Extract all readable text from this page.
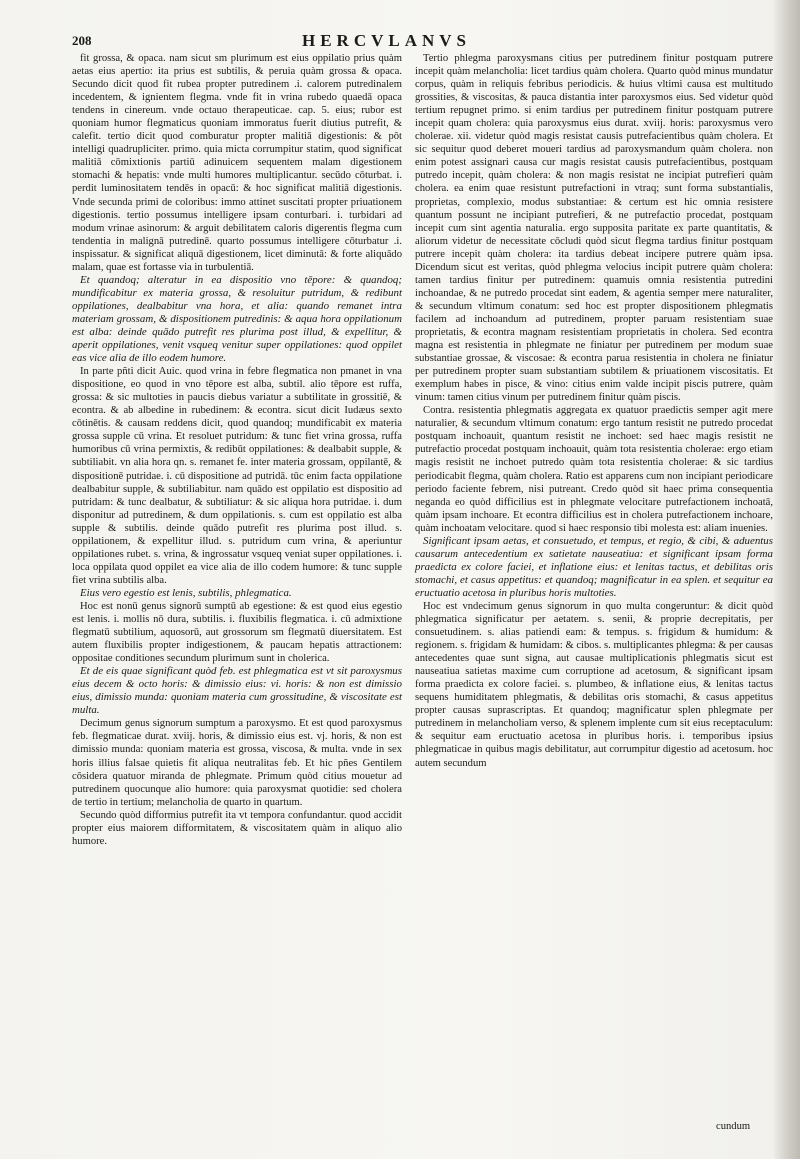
208	HERCVLANVS

fit grossa, & opaca. nam sicut sm plurimum est eius oppilatio prius quàm aetas eius apertio: ita prius est subtilis, & peruia quàm grossa & opaca. Secundo dicit quod fit rubea propter putredinem .i. calorem putredinalem incedentem, & ignientem flegma. vnde fit in vrina rubedo quaedā opaca tendens in cinereum. vnde octauo therapeuticae. cap. 5. eius; rubor est quoniam humor flegmaticus quoniam immoratus fuerit diutius putrefit, & calefit. tertio dicit quod comburatur propter malitiā digestionis: & pôt intelligi quadrupliciter. primo. quia micta corrumpitur statim, quod significat malitiā cōmixtionis partiū adinuicem sequentem malam digestionem stomachi & hepatis: vnde multi humores multiplicantur. secūdo cōturbat. i. perdit luminositatem tendēs in opacū: & hoc significat malitiā digestionis. Vnde secunda primi de coloribus: immo attinet suscitati propter priuationem digestionis. tertio possumus intelligere ipsam conturbari. i. turbidari ad modum vrinae asinorum: & arguit debilitatem caloris digerentis flegma cum tendentia in malignā putredinē. quarto possumus intelligere cōturbatur .i. inspissatur. & significat aliquā digestionem, licet diminutā: & forte aliquādo malam, quae est fortasse via in turbulentiā.

Et quandoq; alteratur in ea dispositio vno tēpore: & quandoq; mundificabitur ex materia grossa, & resoluitur putridum, & redibunt oppilationes, dealbabitur vna hora, et alia: quando remanet intra materiam grossam, & dispositionem putredinis: & aqua hora oppilationum est alba: deinde quādo putrefit res plurima post illud, & expellitur, & aperit oppilationes, venit vsqueq venitur super oppilationes: quod oppilet eas vice alia de illo eodem humore.

In parte pñti dicit Auic. quod vrina in febre flegmatica non pmanet in vna dispositione, eo quod in vno tēpore est alba, subtil. alio tēpore est ruffa, grossa: & sic multoties in paucis diebus variatur a subtilitate in grossitiē, & econtra. & ab albedine in rubedinem: & econtra. sicut dicit Iudæus sexto cōtinētis. & causam reddens dicit, quod quandoq; mundificabit ex materia grossa supple cū vrina. Et resoluet putridum: & tunc fiet vrina grossa, ruffa humoribus cū vrina permixtis, & redibūt oppilationes: & dealbabit supple, & subtiliabit. vn alia hora qn. s. remanet fe. inter materia grossam, oppilantē, & dispositionē putridae. i. cū dispositione ad putridā. tūc enim facta oppilatione dealbabitur supple, & subtiliabitur. nam quādo est oppilatio est dispositio ad putridam: & tunc dealbatur, & subtiliatur: & sic aliqua hora putridae. i. dum disponitur ad putredinem, & dum oppilationis. s. cum est oppilatio est alba supple & subtilis. deinde quādo putrefit res plurima post illud. s. oppilationem, & expellitur illud. s. putridum cum vrina, & aperiuntur oppilationes rubet. s. vrina, & ingrossatur vsqueq veniat super oppilationes. i. loca oppilata quod oppilet ea vice alia de illo codem humore: & tunc supple fiet vrina subtilis alba.

Eius vero egestio est lenis, subtilis, phlegmatica.

Hoc est nonū genus signorū sumptū ab egestione: & est quod eius egestio est lenis. i. mollis nō dura, subtilis. i. fluxibilis flegmatica. i. cū admixtione flegmatū subtilium, aquosorū, aut grossorum sm flegmatū diuersitatem. Est autem fluxibilis propter indigestionem, & paucam hepatis attractionem: oppositae conditiones secundum plurimum sunt in cholerica.

Et de eis quae significant quòd feb. est phlegmatica est vt sit paroxysmus eius decem & octo horis: & dimissio eius: vi. horis: & non est dimissio eius, dimissio munda: quoniam materia cum grossitudine, & viscositate est multa.

Decimum genus signorum sumptum a paroxysmo. Et est quod paroxysmus feb. flegmaticae durat. xviij. horis, & dimissio eius est. vj. horis, & non est dimissio munda: quoniam materia est grossa, viscosa, & multa. vnde in sex horis illius falsae quietis fit aliqua neutralitas feb. Et hic pñes Gentilem cōsidera quatuor miranda de phlegmate. Primum quòd citius mouetur ad putredinem quocunque alio humore: quia paroxysmat quotidie: sed cholera de tertio in tertium; melancholia de quarto in quartum.

Secundo quòd difformius putrefit ita vt tempora confundantur. quod accidit propter eius maiorem difformitatem, & viscositatem quàm in aliquo alio humore.

Tertio phlegma paroxysmans citius per putredinem finitur postquam putrere incepit quàm melancholia: licet tardius quàm cholera. Quarto quòd minus mundatur corpus, quàm in reliquis febribus periodicis. & huius vltimi causa est multitudo grossities, & viscositas, & pauca distantia inter paroxysmos eius. Sed videtur quòd tertium repugnet primo. si enim tardius per putredinem finitur postquam putrere incepit quam cholera: quia paroxysmus eius durat. xviij. horis: paroxysmus vero cholerae. xii. videtur quòd magis resistat causis putrefacientibus quàm cholera. Et sic sequitur quod deberet moueri tardius ad paroxysmandum quàm cholera. non enim potest assignari causa cur magis resistat causis putrefacientibus, postquam putredo incepit, quàm cholera: & non magis resistat ne incipiat putrefieri quàm cholera. ea enim quae resistunt putrefactioni in vtraq; sunt forma substantialis, proprietas, complexio, modus substantiae: & certum est hic omnia resistere quantum possunt ne incipiant putrefieri, & ne putrefactio procedat, postquam incepit cum sint agentia naturalia. ergo supposita paritate ex parte quantitatis, & aliorum videtur de necessitate cōcludi quòd sicut flegma tardius finitur postquam putrere incepit quàm cholera: ita tardius debeat incipere putrere quàm ipsa. Dicendum sicut est veritas, quòd phlegma velocius incipit putrere quàm cholera: tamen tardius finitur per putredinem: quamuis omnia resistentia putredini inchoandae, & ne putredo procedat sint eadem, & agentia semper mere naturaliter, & secundum vltimum conatum: sed hoc est propter dispositionem phlegmatis facilem ad inchoandum ad putredinem, propter paruam resistentiam suae proprietatis, & econtra magnam resistentiam proprietatis in cholera. Sed econtra magna est resistentia in phlegmate ne finiatur per putredinem per modum suae substantiae grossae, & viscosae: & econtra parua resistentia in cholera ne finiatur per putredinem propter suam substantiam subtilem & priuationem viscositatis. Et exemplum habes in pisce, & vino: citius enim valde incipit piscis putrere, quàm vinum: tamen citius vinum per putredinem finitur quàm piscis.

Contra. resistentia phlegmatis aggregata ex quatuor praedictis semper agit mere naturalier, & secundum vltimum conatum: ergo tantum resistit ne putredo procedat postquam inchoauit, quantum resistit ne inchoet: sed haec magis resistit ne putrefactio procedat postquam inchoauit, quàm tota resistentia cholerae: ergo etiam magis resistit ne inchoet putredo quàm tota resistentia cholerae: & sic tardius periodicabit flegma, quàm cholera. Ratio est apparens cum non incipiant periodicare periodo faciente febrem, nisi putreant. Credo quòd sit haec prima consequentia neganda eo quòd difficilius est in phlegmate velocitare putrefactionem inchoatā, quàm ipsam inchoare. Et econtra difficilius est in cholera putrefactionem inchoare, quàm inchoatam velocitare. quod si haec responsio tibi molesta est: aliam inuenies.

Significant ipsam aetas, et consuetudo, et tempus, et regio, & cibi, & aduentus causarum antecedentium ex satietate nauseatiua: et significant ipsam forma praedicta ex colore faciei, et inflatione eius: et lenitas tactus, et debilitas oris stomachi, et casus appetitus: et quandoq; magnificatur in ea splen. et sequitur ea eructuatio acetosa in pluribus horis multoties.

Hoc est vndecimum genus signorum in quo multa congeruntur: & dicit quòd phlegmatica significatur per aetatem. s. senii, & proprie decrepitatis, per consuetudinem. s. alias patiendi eam: & tempus. s. frigidum & humidum: & regionem. s. frigidam & humidam: & cibos. s. multiplicantes phlegma: & per causas antecedentes quae sunt signa, aut causae multiplicationis phlegmatis sicut est nauseatiua satietas maxime cum corruptione ad acetosum, & significant ipsam forma praedicta ex colore faciei. s. plumbeo, & inflatione eius, & lenitas tactus sequens humiditatem phlegmatis, & debilitas oris stomachi, & casus appetitus propter causas suprascriptas. Et quandoq; magnificatur splen phlegmate per putredinem in melancholiam verso, & splenem implente cum sit eius receptaculum: & sequitur eam eructuatio acetosa in pluribus horis. i. temporibus ipsius phlegmaticae in quibus magis debilitatur, aut corrumpitur digestio ad acetosum. hoc autem secundum

cundum
